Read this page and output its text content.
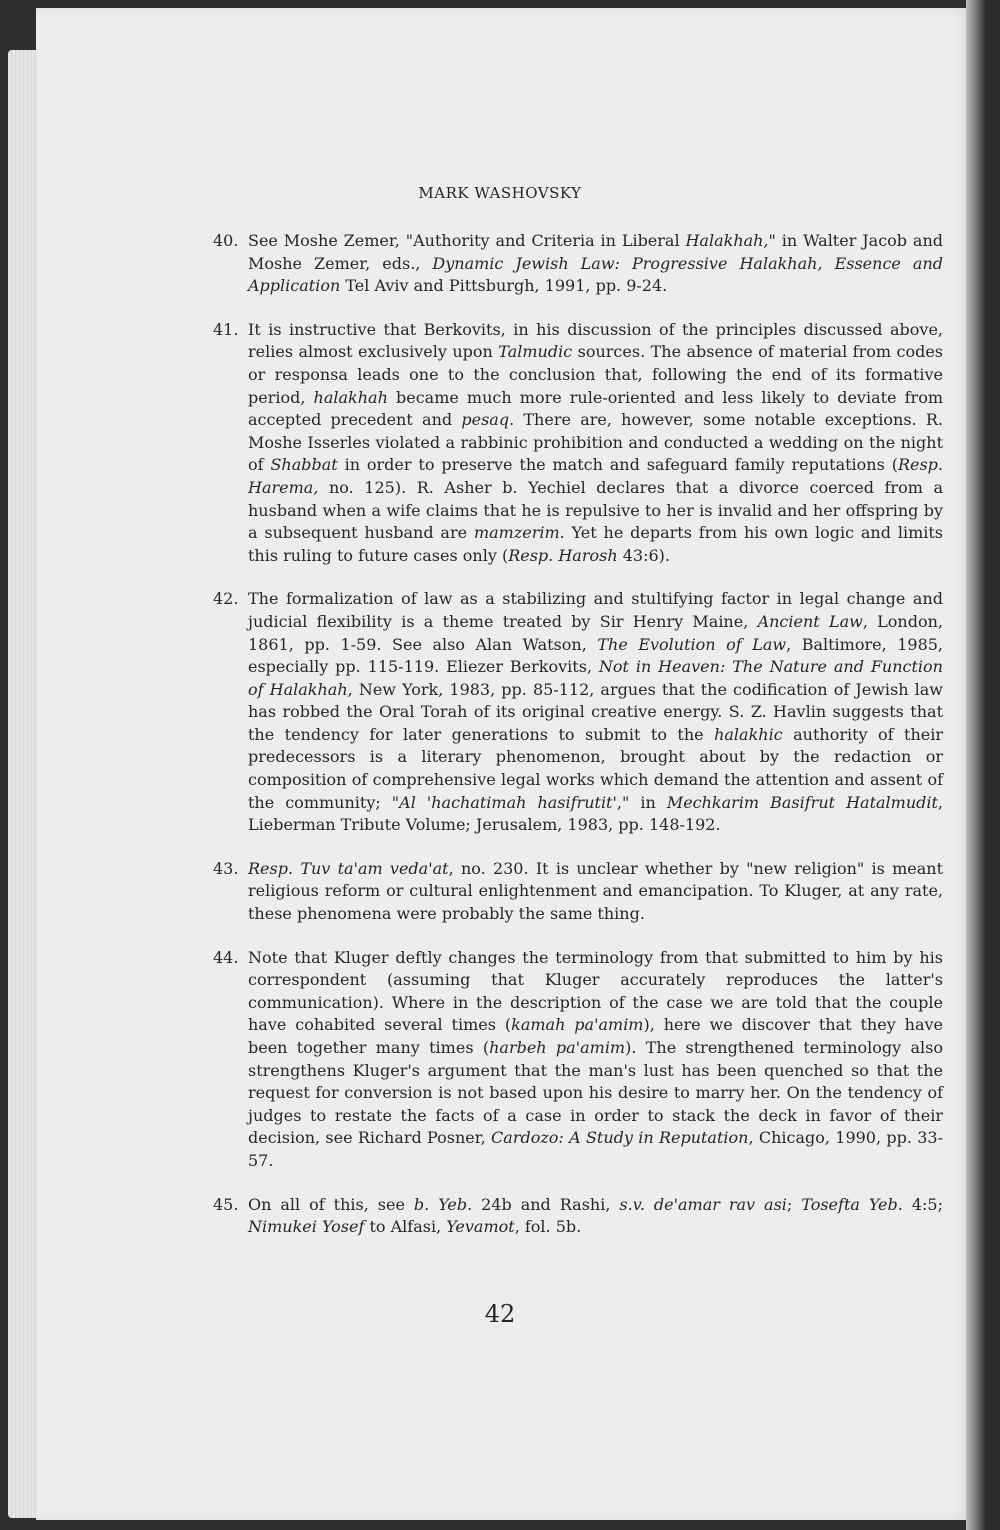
MARK WASHOVSKY
40. See Moshe Zemer, "Authority and Criteria in Liberal Halakhah," in Walter Jacob and Moshe Zemer, eds., Dynamic Jewish Law: Progressive Halakhah, Essence and Application Tel Aviv and Pittsburgh, 1991, pp. 9-24.
41. It is instructive that Berkovits, in his discussion of the principles discussed above, relies almost exclusively upon Talmudic sources. The absence of material from codes or responsa leads one to the conclusion that, following the end of its formative period, halakhah became much more rule-oriented and less likely to deviate from accepted precedent and pesaq. There are, however, some notable exceptions. R. Moshe Isserles violated a rabbinic prohibition and conducted a wedding on the night of Shabbat in order to preserve the match and safeguard family reputations (Resp. Harema, no. 125). R. Asher b. Yechiel declares that a divorce coerced from a husband when a wife claims that he is repulsive to her is invalid and her offspring by a subsequent husband are mamzerim. Yet he departs from his own logic and limits this ruling to future cases only (Resp. Harosh 43:6).
42. The formalization of law as a stabilizing and stultifying factor in legal change and judicial flexibility is a theme treated by Sir Henry Maine, Ancient Law, London, 1861, pp. 1-59. See also Alan Watson, The Evolution of Law, Baltimore, 1985, especially pp. 115-119. Eliezer Berkovits, Not in Heaven: The Nature and Function of Halakhah, New York, 1983, pp. 85-112, argues that the codification of Jewish law has robbed the Oral Torah of its original creative energy. S. Z. Havlin suggests that the tendency for later generations to submit to the halakhic authority of their predecessors is a literary phenomenon, brought about by the redaction or composition of comprehensive legal works which demand the attention and assent of the community; "Al 'hachatimah hasifrutit'," in Mechkarim Basifrut Hatalmudit, Lieberman Tribute Volume; Jerusalem, 1983, pp. 148-192.
43. Resp. Tuv ta'am veda'at, no. 230. It is unclear whether by "new religion" is meant religious reform or cultural enlightenment and emancipation. To Kluger, at any rate, these phenomena were probably the same thing.
44. Note that Kluger deftly changes the terminology from that submitted to him by his correspondent (assuming that Kluger accurately reproduces the latter's communication). Where in the description of the case we are told that the couple have cohabited several times (kamah pa'amim), here we discover that they have been together many times (harbeh pa'amim). The strengthened terminology also strengthens Kluger's argument that the man's lust has been quenched so that the request for conversion is not based upon his desire to marry her. On the tendency of judges to restate the facts of a case in order to stack the deck in favor of their decision, see Richard Posner, Cardozo: A Study in Reputation, Chicago, 1990, pp. 33-57.
45. On all of this, see b. Yeb. 24b and Rashi, s.v. de'amar rav asi; Tosefta Yeb. 4:5; Nimukei Yosef to Alfasi, Yevamot, fol. 5b.
42
